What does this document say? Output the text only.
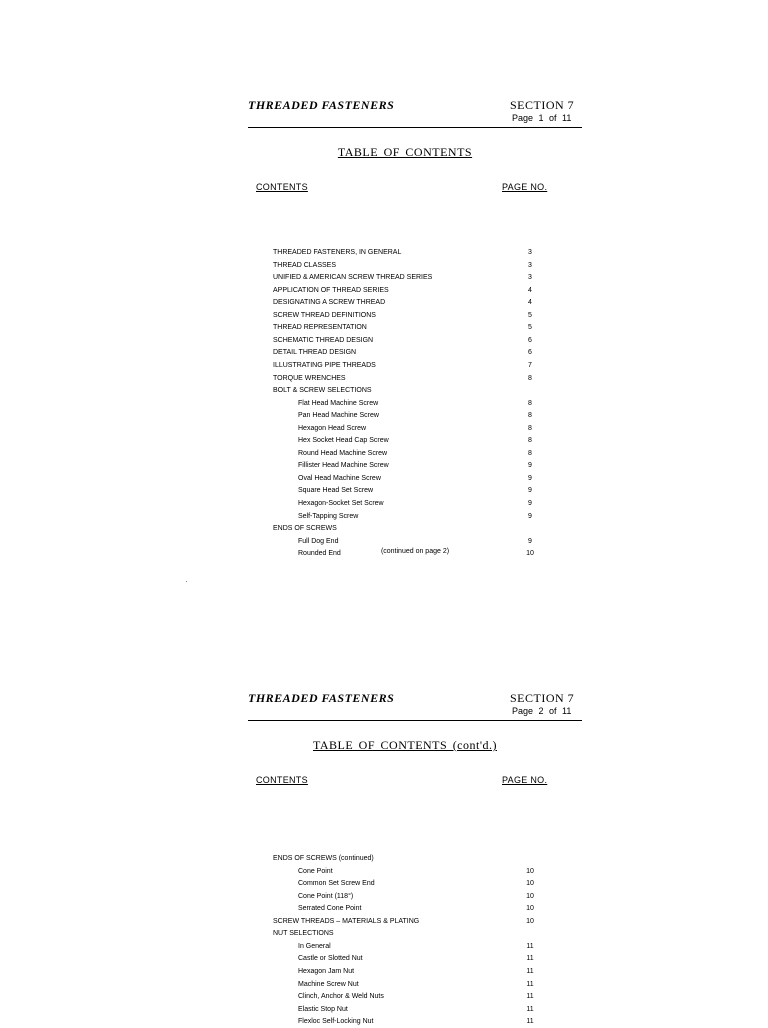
THREADED FASTENERS	SECTION 7
Page 1 of 11
TABLE OF CONTENTS
CONTENTS	PAGE NO.
THREADED FASTENERS, IN GENERAL	3
THREAD CLASSES	3
UNIFIED & AMERICAN SCREW THREAD SERIES	3
APPLICATION OF THREAD SERIES	4
DESIGNATING A SCREW THREAD	4
SCREW THREAD DEFINITIONS	5
THREAD REPRESENTATION	5
SCHEMATIC THREAD DESIGN	6
DETAIL THREAD DESIGN	6
ILLUSTRATING PIPE THREADS	7
TORQUE WRENCHES	8
BOLT & SCREW SELECTIONS
Flat Head Machine Screw	8
Pan Head Machine Screw	8
Hexagon Head Screw	8
Hex Socket Head Cap Screw	8
Round Head Machine Screw	8
Fillister Head Machine Screw	9
Oval Head Machine Screw	9
Square Head Set Screw	9
Hexagon-Socket Set Screw	9
Self-Tapping Screw	9
ENDS OF SCREWS
Full Dog End	9
Rounded End	10
(continued on page 2)
THREADED FASTENERS	SECTION 7
Page 2 of 11
TABLE OF CONTENTS (cont'd.)
CONTENTS	PAGE NO.
ENDS OF SCREWS (continued)
Cone Point	10
Common Set Screw End	10
Cone Point (118°)	10
Serrated Cone Point	10
SCREW THREADS – MATERIALS & PLATING	10
NUT SELECTIONS
In General	11
Castle or Slotted Nut	11
Hexagon Jam Nut	11
Machine Screw Nut	11
Clinch, Anchor & Weld Nuts	11
Elastic Stop Nut	11
Flexloc Self-Locking Nut	11
